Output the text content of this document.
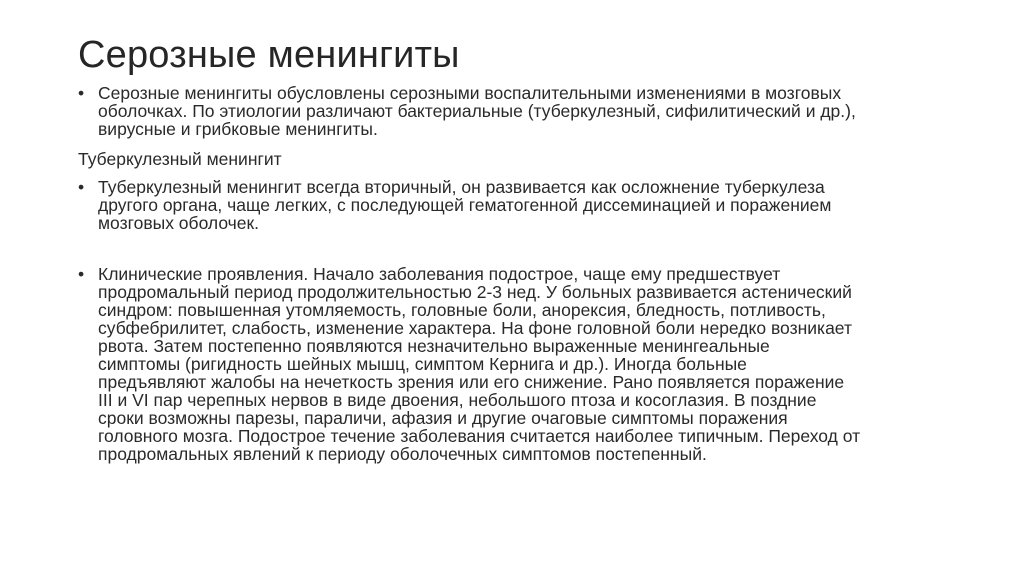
Серозные менингиты
• Серозные менингиты обусловлены серозными воспалительными изменениями в мозговых
оболочках. По этиологии различают бактериальные (туберкулезный, сифилитический и др.),
вирусные и грибковые менингиты.
Туберкулезный менингит
• Туберкулезный менингит всегда вторичный, он развивается как осложнение туберкулеза
другого органа, чаще легких, с последующей гематогенной диссеминацией и поражением
мозговых оболочек.
• Клинические проявления. Начало заболевания подострое, чаще ему предшествует
продромальный период продолжительностью 2-3 нед. У больных развивается астенический
синдром: повышенная утомляемость, головные боли, анорексия, бледность, потливость,
субфебрилитет, слабость, изменение характера. На фоне головной боли нередко возникает
рвота. Затем постепенно появляются незначительно выраженные менингеальные
симптомы (ригидность шейных мышц, симптом Кернига и др.). Иногда больные
предъявляют жалобы на нечеткость зрения или его снижение. Рано появляется поражение
III и VI пар черепных нервов в виде двоения, небольшого птоза и косоглазия. В поздние
сроки возможны парезы, параличи, афазия и другие очаговые симптомы поражения
головного мозга. Подострое течение заболевания считается наиболее типичным. Переход от
продромальных явлений к периоду оболочечных симптомов постепенный.
